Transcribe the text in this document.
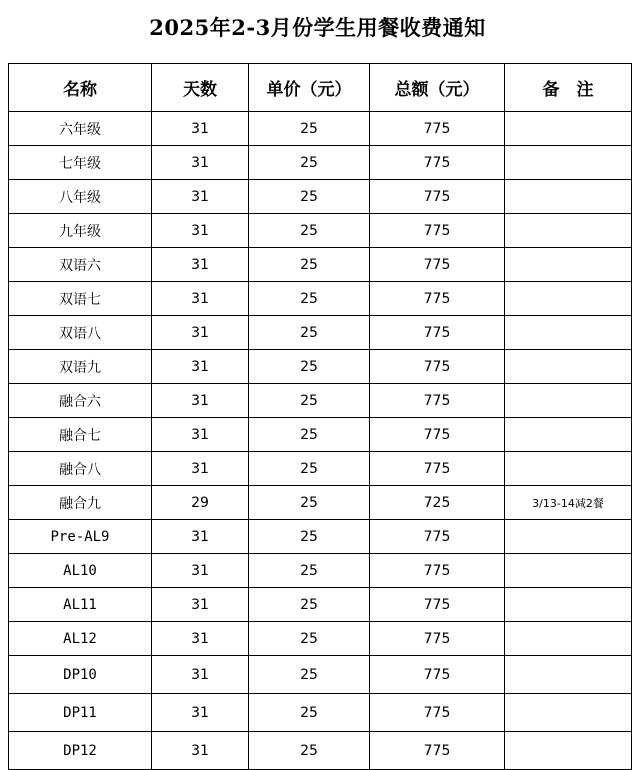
2025年2-3月份学生用餐收费通知
名称	天数	单价（元）	总额（元）	备　注
六年级	31	25	775	
七年级	31	25	775	
八年级	31	25	775	
九年级	31	25	775	
双语六	31	25	775	
双语七	31	25	775	
双语八	31	25	775	
双语九	31	25	775	
融合六	31	25	775	
融合七	31	25	775	
融合八	31	25	775	
融合九	29	25	725	3/13-14减2餐
Pre-AL9	31	25	775	
AL10	31	25	775	
AL11	31	25	775	
AL12	31	25	775	
DP10	31	25	775	
DP11	31	25	775	
DP12	31	25	775	
